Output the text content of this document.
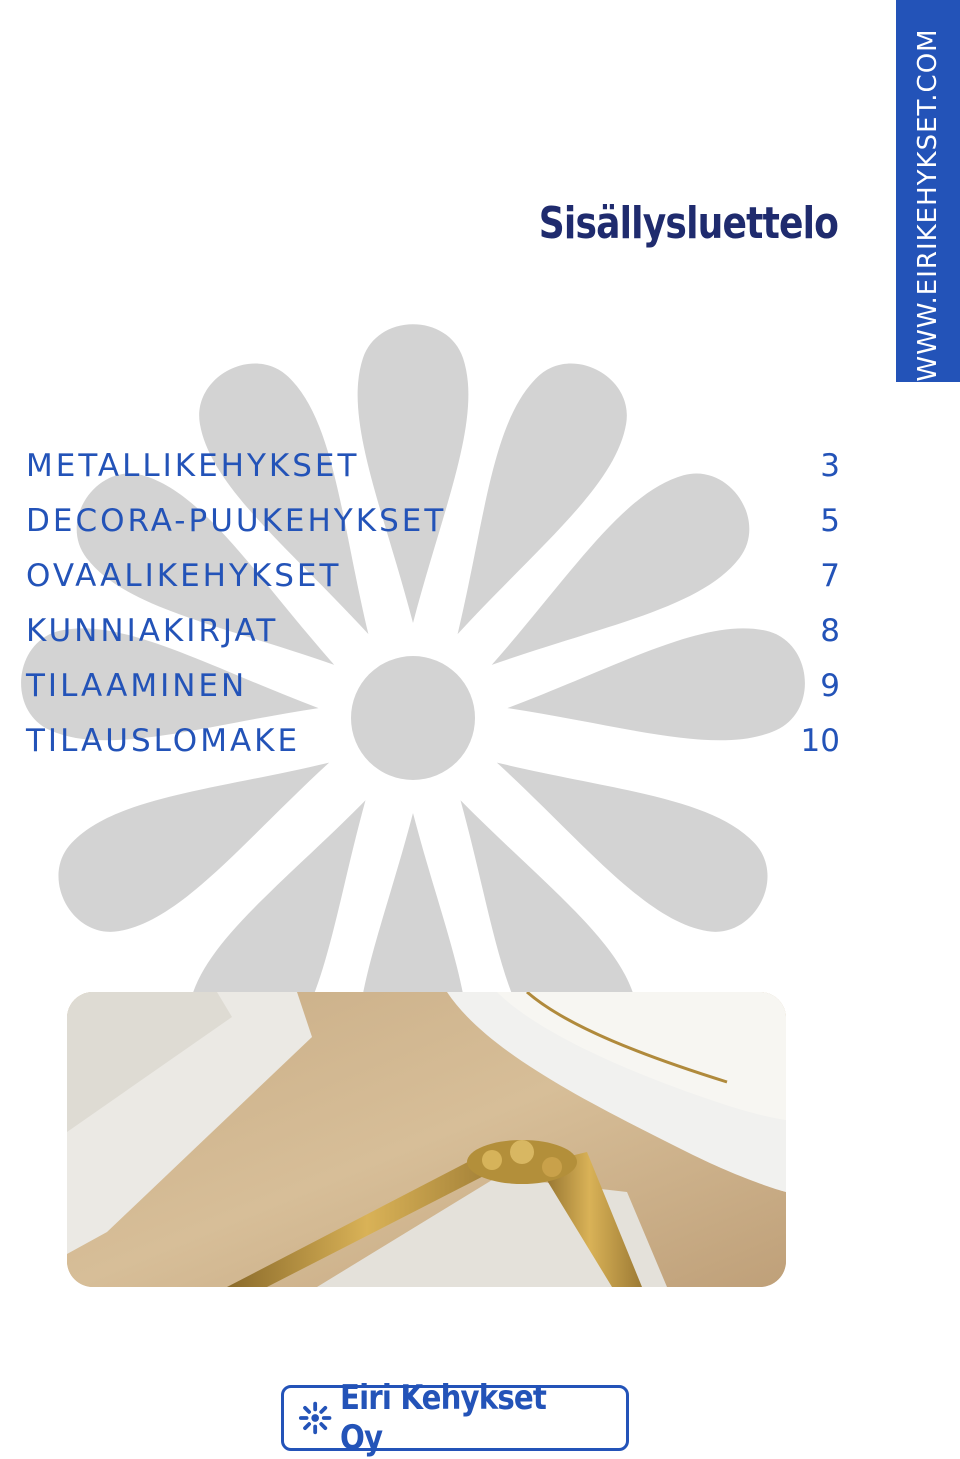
WWW.EIRIKEHYKSET.COM
Sisällysluettelo
METALLIKEHYKSET	3
DECORA-PUUKEHYKSET	5
OVAALIKEHYKSET	7
KUNNIAKIRJAT	8
TILAAMINEN	9
TILAUSLOMAKE	10
Eiri Kehykset Oy
